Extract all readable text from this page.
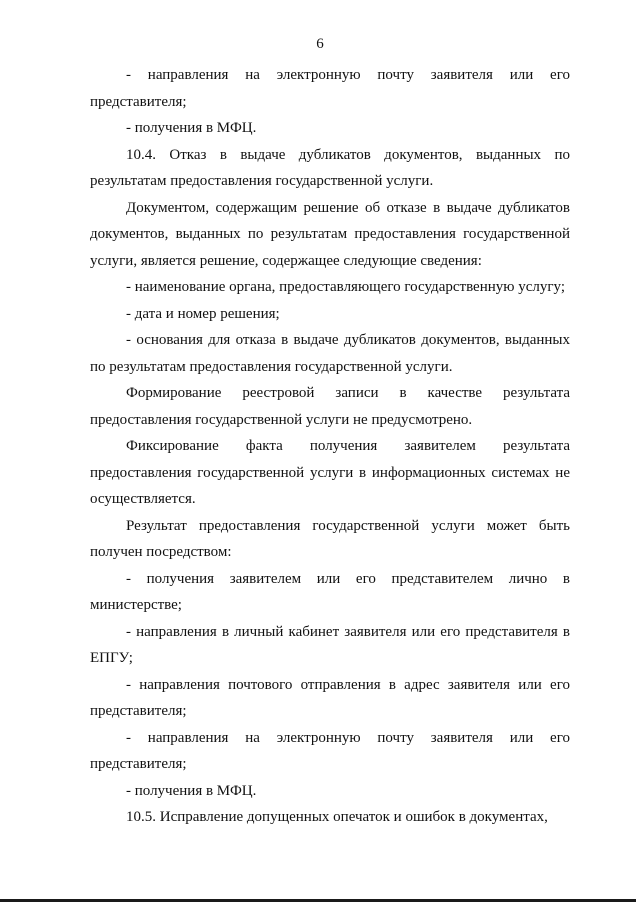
6

- направления на электронную почту заявителя или его представителя;

- получения в МФЦ.

10.4. Отказ в выдаче дубликатов документов, выданных по результатам предоставления государственной услуги.

Документом, содержащим решение об отказе в выдаче дубликатов документов, выданных по результатам предоставления государственной услуги, является решение, содержащее следующие сведения:

- наименование органа, предоставляющего государственную услугу;

- дата и номер решения;

- основания для отказа в выдаче дубликатов документов, выданных по результатам предоставления государственной услуги.

Формирование реестровой записи в качестве результата предоставления государственной услуги не предусмотрено.

Фиксирование факта получения заявителем результата предоставления государственной услуги в информационных системах не осуществляется.

Результат предоставления государственной услуги может быть получен посредством:

- получения заявителем или его представителем лично в министерстве;

- направления в личный кабинет заявителя или его представителя в ЕПГУ;

- направления почтового отправления в адрес заявителя или его представителя;

- направления на электронную почту заявителя или его представителя;

- получения в МФЦ.

10.5. Исправление допущенных опечаток и ошибок в документах,
